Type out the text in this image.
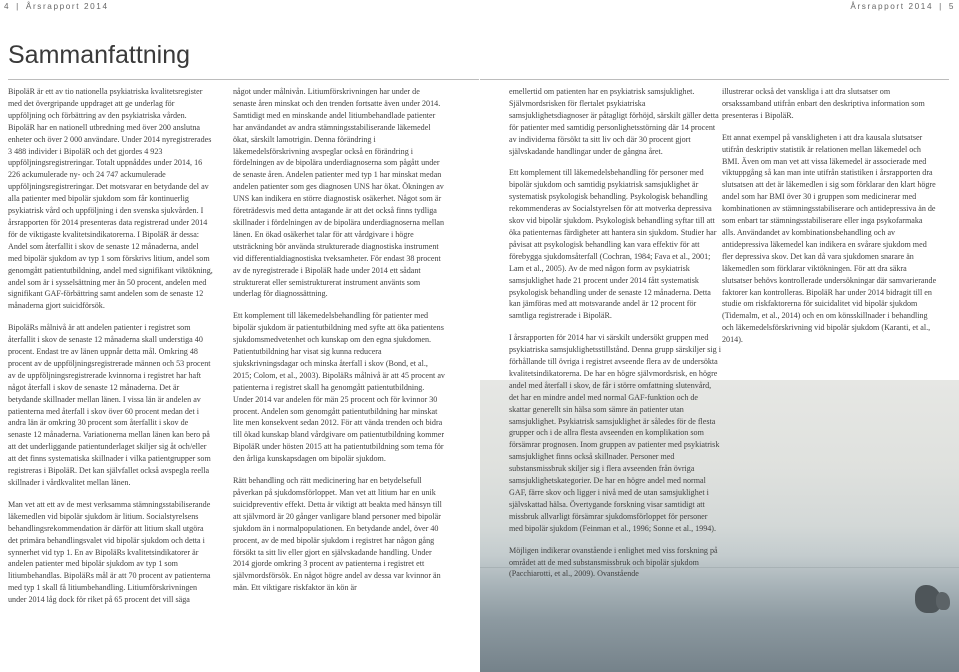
4 | Årsrapport 2014
Sammanfattning

BipoläR är ett av tio nationella psykiatriska kvalitetsregister med det övergripande uppdraget att ge underlag för uppföljning och förbättring av den psykiatriska vården. BipoläR har en nationell utbredning med över 200 anslutna enheter och över 2 000 användare. Under 2014 nyregistrerades 3 488 individer i BipoläR och det gjordes 4 923 uppföljningsregistreringar. Totalt uppnåddes under 2014, 16 226 ackumulerade ny- och 24 747 ackumulerade uppföljningsregistreringar. Det motsvarar en betydande del av alla patienter med bipolär sjukdom som får kontinuerlig psykiatrisk vård och uppföljning i den svenska sjukvården. I årsrapporten för 2014 presenteras data registrerad under 2014 för de viktigaste kvalitetsindikatorerna. I BipoläR är dessa: Andel som återfallit i skov de senaste 12 månaderna, andel med bipolär sjukdom av typ 1 som förskrivs litium, andel som genomgått patientutbildning, andel med signifikant viktökning, andel som är i sysselsättning mer än 50 procent, andelen med signifikant GAF-förbättring samt andelen som de senaste 12 månaderna gjort suicidförsök.

BipoläRs målnivå är att andelen patienter i registret som återfallit i skov de senaste 12 månaderna skall understiga 40 procent. Endast tre av länen uppnår detta mål. Omkring 48 procent av de uppföljningsregistrerade männen och 53 procent av de uppföljningsregistrerade kvinnorna i registret har haft något återfall i skov de senaste 12 månaderna. Det är betydande skillnader mellan länen. I vissa län är andelen av patienterna med återfall i skov över 60 procent medan det i andra län är omkring 30 procent som återfallit i skov de senaste 12 månaderna. Variationerna mellan länen kan bero på att det underliggande patientunderlaget skiljer sig åt och/eller att det finns systematiska skillnader i vilka patientgrupper som registreras i BipoläR. Det kan självfallet också avspegla reella skillnader i vårdkvalitet mellan länen.

Man vet att ett av de mest verksamma stämningsstabiliserande läkemedlen vid bipolär sjukdom är litium. Socialstyrelsens behandlingsrekommendation är därför att litium skall utgöra det primära behandlingsvalet vid bipolär sjukdom och detta i synnerhet vid typ 1. En av BipoläRs kvalitetsindikatorer är andelen patienter med bipolär sjukdom av typ 1 som litiumbehandlas. BipoläRs mål är att 70 procent av patienterna med typ 1 skall få litiumbehandling. Litiumförskrivningen under 2014 låg dock för riket på 65 procent det vill säga

något under målnivån. Litiumförskrivningen har under de senaste åren minskat och den trenden fortsatte även under 2014. Samtidigt med en minskande andel litiumbehandlade patienter har användandet av andra stämningsstabiliserande läkemedel ökat, särskilt lamotrigin. Denna förändring i läkemedelsförskrivning avspeglar också en förändring i fördelningen av de bipolära underdiagnoserna som pågått under de senaste åren. Andelen patienter med typ 1 har minskat medan andelen patienter som ges diagnosen UNS har ökat. Ökningen av UNS kan indikera en större diagnostisk osäkerhet. Något som är företrädesvis med detta antagande är att det också finns tydliga skillnader i fördelningen av de bipolära underdiagnoserna mellan länen. En ökad osäkerhet talar för att vårdgivare i högre utsträckning bör använda strukturerade diagnostiska instrument vid differentialdiagnostiska tveksamheter. För endast 38 procent av de nyregistrerade i BipoläR hade under 2014 ett sådant strukturerat eller semistrukturerat instrument använts som underlag för diagnossättning.

Ett komplement till läkemedelsbehandling för patienter med bipolär sjukdom är patientutbildning med syfte att öka patientens sjukdomsmedvetenhet och kunskap om den egna sjukdomen. Patientutbildning har visat sig kunna reducera sjukskrivningsdagar och minska återfall i skov (Bond, et al., 2015; Colom, et al., 2003). BipoläRs målnivå är att 45 procent av patienterna i registret skall ha genomgått patientutbildning. Under 2014 var andelen för män 25 procent och för kvinnor 30 procent. Andelen som genomgått patientutbildning har minskat lite men konsekvent sedan 2012. För att vända trenden och bidra till ökad kunskap bland vårdgivare om patientutbildning kommer BipoläR under hösten 2015 att ha patientutbildning som tema för den årliga kunskapsdagen om bipolär sjukdom.

Rätt behandling och rätt medicinering har en betydelsefull påverkan på sjukdomsförloppet. Man vet att litium har en unik suicidpreventiv effekt. Detta är viktigt att beakta med hänsyn till att självmord är 20 gånger vanligare bland personer med bipolär sjukdom än i normalpopulationen. En betydande andel, över 40 procent, av de med bipolär sjukdom i registret har någon gång försökt ta sitt liv eller gjort en självskadande handling. Under 2014 gjorde omkring 3 procent av patienterna i registret ett självmordsförsök. En något högre andel av dessa var kvinnor än män. Ett viktigare riskfaktor än kön är

Årsrapport 2014 | 5

emellertid om patienten har en psykiatrisk samsjuklighet. Självmordsrisken för flertalet psykiatriska samsjuklighetsdiagnoser är påtagligt förhöjd, särskilt gäller detta för patienter med samtidig personlighetsstörning där 14 procent av individerna försökt ta sitt liv och där 30 procent gjort självskadande handlingar under de gångna året.

Ett komplement till läkemedelsbehandling för personer med bipolär sjukdom och samtidig psykiatrisk samsjuklighet är systematisk psykologisk behandling. Psykologisk behandling rekommenderas av Socialstyrelsen för att motverka depressiva skov vid bipolär sjukdom. Psykologisk behandling syftar till att öka patienternas färdigheter att hantera sin sjukdom. Studier har påvisat att psykologisk behandling kan vara effektiv för att förebygga sjukdomsåterfall (Cochran, 1984; Fava et al., 2001; Lam et al., 2005). Av de med någon form av psykiatrisk samsjuklighet hade 21 procent under 2014 fått systematisk psykologisk behandling under de senaste 12 månaderna. Detta kan jämföras med att motsvarande andel är 12 procent för samtliga registrerade i BipoläR.

I årsrapporten för 2014 har vi särskilt undersökt gruppen med psykiatriska samsjuklighetsstillstånd. Denna grupp särskiljer sig i förhållande till övriga i registret avseende flera av de undersökta kvalitetsindikatorerna. De har en högre självmordsrisk, en högre andel med återfall i skov, de får i större omfattning slutenvård, det har en mindre andel med normal GAF-funktion och de skattar generellt sin hälsa som sämre än patienter utan samsjuklighet. Psykiatrisk samsjuklighet är således för de flesta grupper och i de allra flesta avseenden en komplikation som försämrar prognosen. Inom gruppen av patienter med psykiatrisk samsjuklighet finns också skillnader. Personer med substansmissbruk skiljer sig i flera avseenden från övriga samsjuklighetskategorier. De har en högre andel med normal GAF, färre skov och ligger i nivå med de utan samsjuklighet i självskattad hälsa. Övertygande forskning visar samtidigt att missbruk allvarligt försämrar sjukdomsförloppet för personer med bipolär sjukdom (Feinman et al., 1996; Sonne et al., 1994).

Möjligen indikerar ovanstående i enlighet med viss forskning på området att de med substansmissbruk och bipolär sjukdom (Pacchiarotti, et al., 2009). Ovanstående

illustrerar också det vanskliga i att dra slutsatser om orsakssamband utifrån enbart den deskriptiva information som presenteras i BipoläR.

Ett annat exempel på vanskligheten i att dra kausala slutsatser utifrån deskriptiv statistik är relationen mellan läkemedel och BMI. Även om man vet att vissa läkemedel är associerade med viktuppgång så kan man inte utifrån statistiken i årsrapporten dra slutsatsen att det är läkemedlen i sig som förklarar den klart högre andel som har BMI över 30 i gruppen som medicinerar med kombinationen av stämningsstabiliserare och antidepressiva än de som enbart tar stämningsstabiliserare eller inga psykofarmaka alls. Användandet av kombinationsbehandling och av antidepressiva läkemedel kan indikera en svårare sjukdom med fler depressiva skov. Det kan då vara sjukdomen snarare än läkemedlen som förklarar viktökningen. För att dra säkra slutsatser behövs kontrollerade undersökningar där samvarierande faktorer kan kontrolleras. BipoläR har under 2014 bidragit till en studie om riskfaktorerna för suicidalitet vid bipolär sjukdom (Tidemalm, et al., 2014) och en om könsskillnader i behandling och läkemedelsförskrivning vid bipolär sjukdom (Karanti, et al., 2014).
